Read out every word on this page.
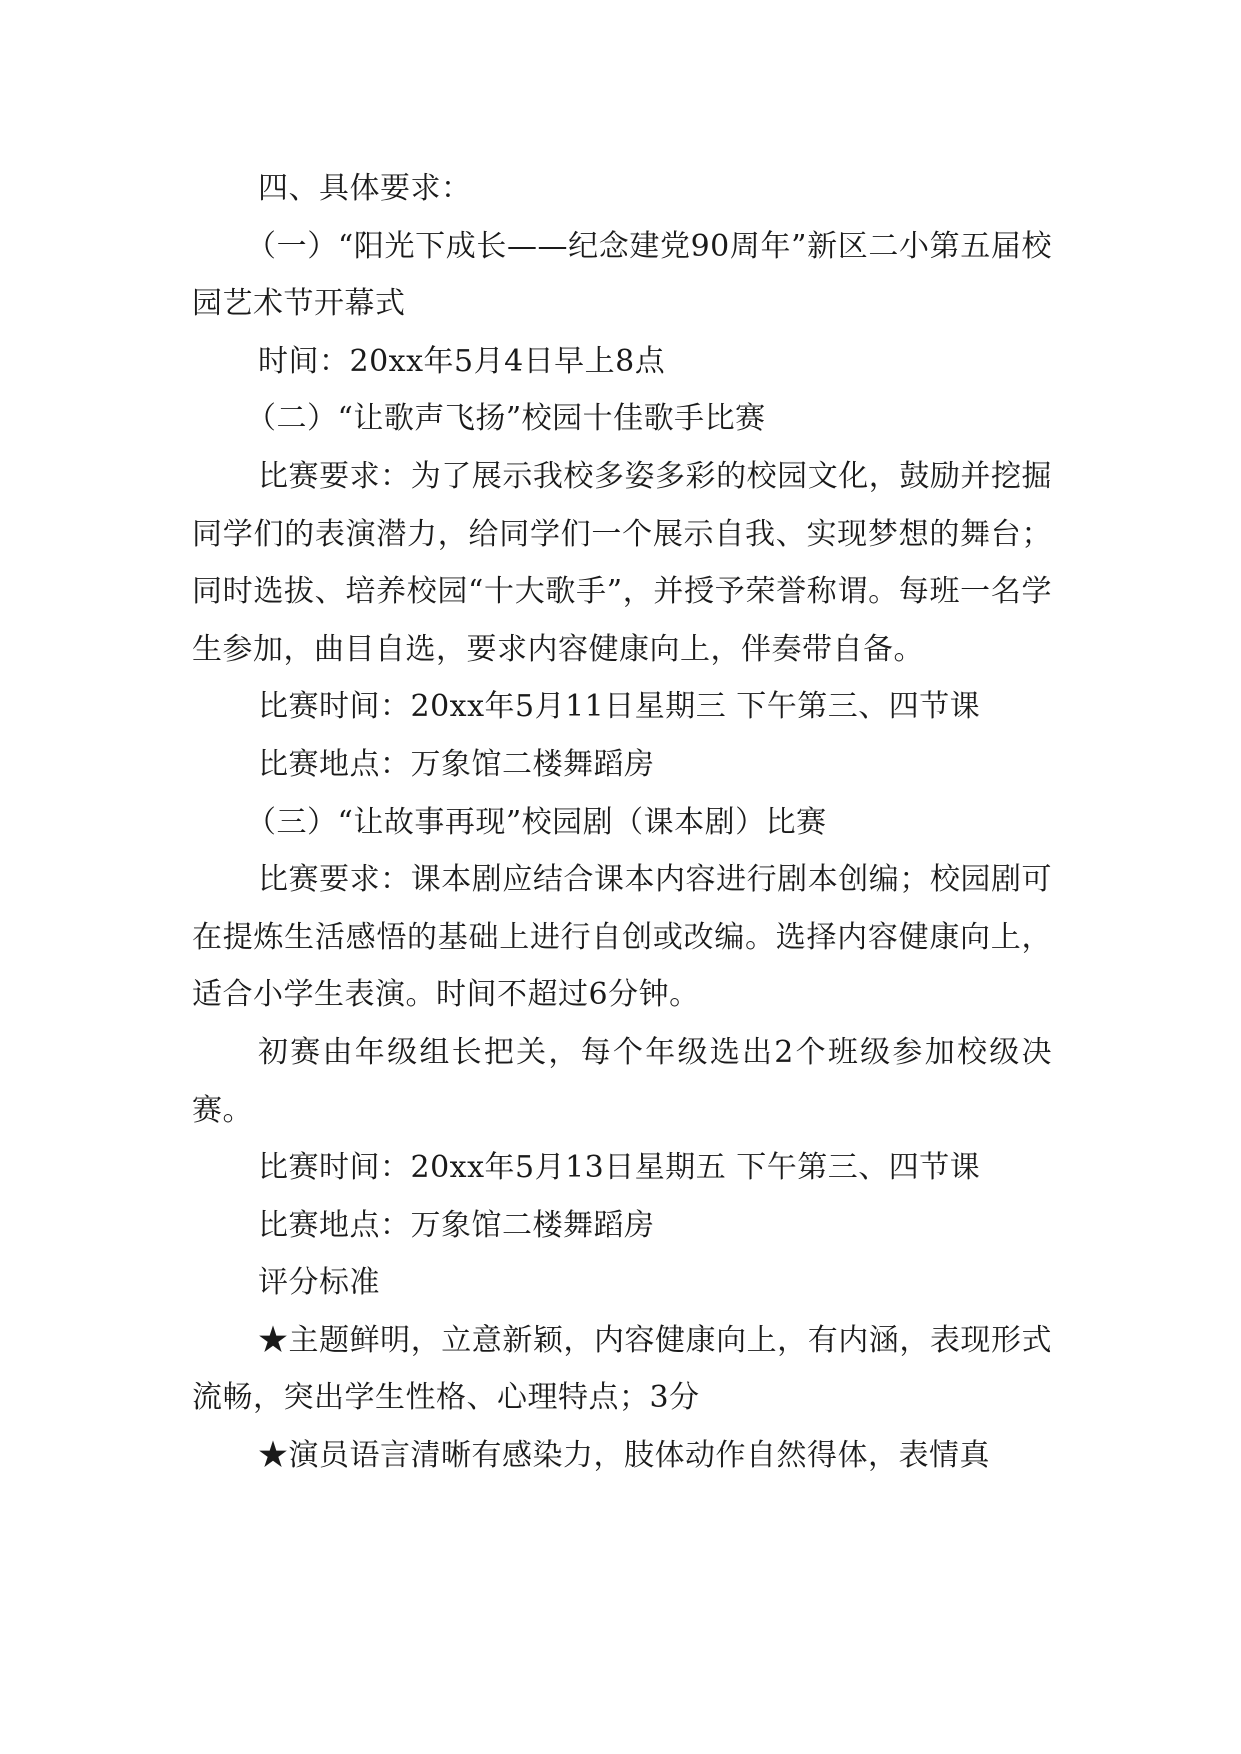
四、具体要求：

（一）“阳光下成长——纪念建党90周年”新区二小第五届校园艺术节开幕式

时间：20xx年5月4日早上8点

（二）“让歌声飞扬”校园十佳歌手比赛

比赛要求：为了展示我校多姿多彩的校园文化，鼓励并挖掘同学们的表演潜力，给同学们一个展示自我、实现梦想的舞台；同时选拔、培养校园“十大歌手”，并授予荣誉称谓。每班一名学生参加，曲目自选，要求内容健康向上，伴奏带自备。

比赛时间：20xx年5月11日星期三 下午第三、四节课

比赛地点：万象馆二楼舞蹈房

（三）“让故事再现”校园剧（课本剧）比赛

比赛要求：课本剧应结合课本内容进行剧本创编；校园剧可在提炼生活感悟的基础上进行自创或改编。选择内容健康向上，适合小学生表演。时间不超过6分钟。

初赛由年级组长把关，每个年级选出2个班级参加校级决赛。

比赛时间：20xx年5月13日星期五 下午第三、四节课

比赛地点：万象馆二楼舞蹈房

评分标准

★主题鲜明，立意新颖，内容健康向上，有内涵，表现形式流畅，突出学生性格、心理特点；3分

★演员语言清晰有感染力，肢体动作自然得体，表情真
